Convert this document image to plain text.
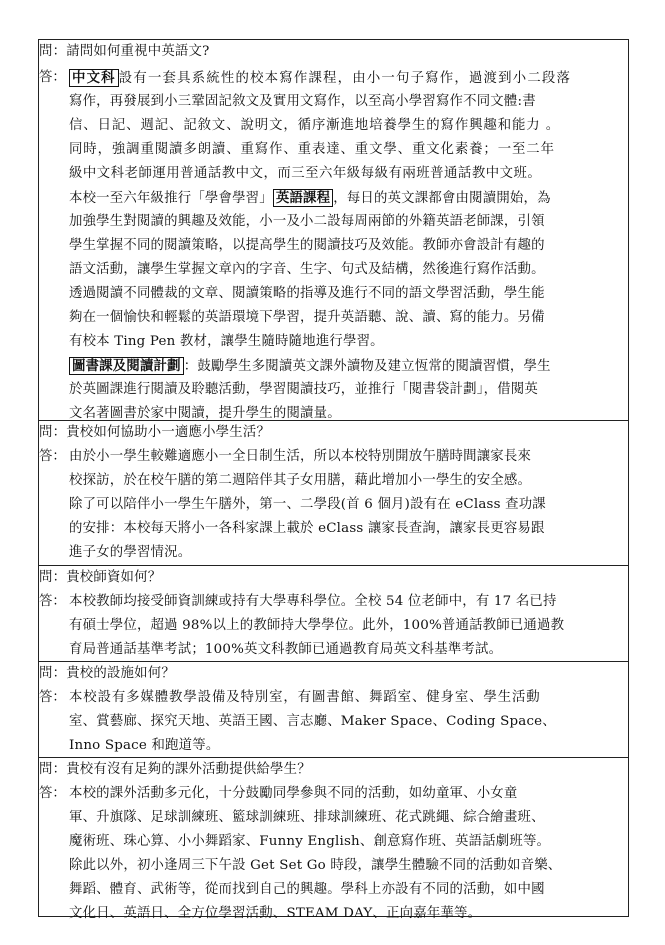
問：請問如何重視中英語文?
答： 中文科 設有一套具系統性的校本寫作課程，由小一句子寫作，過渡到小二段落
寫作，再發展到小三鞏固記敘文及實用文寫作，以至高小學習寫作不同文體:書
信、日記、週記、記敘文、說明文，循序漸進地培養學生的寫作興趣和能力 。
同時，強調重閱讀多朗讀、重寫作、重表達、重文學、重文化素養；一至二年
級中文科老師運用普通話教中文，而三至六年級每級有兩班普通話教中文班。
本校一至六年級推行「學會學習」 英語課程 ，每日的英文課都會由閱讀開始，為
加強學生對閱讀的興趣及效能，小一及小二設每周兩節的外籍英語老師課，引領
學生掌握不同的閱讀策略，以提高學生的閱讀技巧及效能。教師亦會設計有趣的
語文活動，讓學生掌握文章內的字音、生字、句式及結構，然後進行寫作活動。
透過閱讀不同體裁的文章、閱讀策略的指導及進行不同的語文學習活動，學生能
夠在一個愉快和輕鬆的英語環境下學習，提升英語聽、說、讀、寫的能力。另備
有校本 Ting Pen 教材，讓學生隨時隨地進行學習。
圖書課及閱讀計劃 ：鼓勵學生多閱讀英文課外讀物及建立恆常的閱讀習慣，學生
於英圖課進行閱讀及聆聽活動，學習閱讀技巧，並推行「閱書袋計劃」，借閱英
文名著圖書於家中閱讀，提升學生的閱讀量。
問：貴校如何協助小一適應小學生活？
答： 由於小一學生較難適應小一全日制生活，所以本校特別開放午膳時間讓家長來
校探訪，於在校午膳的第二週陪伴其子女用膳，藉此增加小一學生的安全感。
除了可以陪伴小一學生午膳外，第一、二學段(首 6 個月)設有在 eClass 查功課
的安排：本校每天將小一各科家課上載於 eClass 讓家長查詢，讓家長更容易跟
進子女的學習情況。
問：貴校師資如何？
答： 本校教師均接受師資訓練或持有大學專科學位。全校 54 位老師中，有 17 名已持
有碩士學位，超過 98%以上的教師持大學學位。此外，100%普通話教師已通過教
育局普通話基準考試；100%英文科教師已通過教育局英文科基準考試。
問：貴校的設施如何？
答： 本校設有多媒體教學設備及特別室，有圖書館、舞蹈室、健身室、學生活動
室、賞藝廊、探究天地、英語王國、言志廳、Maker Space、Coding Space、
Inno Space 和跑道等。
問：貴校有沒有足夠的課外活動提供給學生？
答： 本校的課外活動多元化，十分鼓勵同學參與不同的活動，如幼童軍、小女童
軍、升旗隊、足球訓練班、籃球訓練班、排球訓練班、花式跳繩、綜合繪畫班、
魔術班、珠心算、小小舞蹈家、Funny English、創意寫作班、英語話劇班等。
除此以外，初小逢周三下午設 Get Set Go 時段，讓學生體驗不同的活動如音樂、
舞蹈、體育、武術等，從而找到自己的興趣。學科上亦設有不同的活動，如中國
文化日、英語日、全方位學習活動、STEAM DAY、正向嘉年華等。
